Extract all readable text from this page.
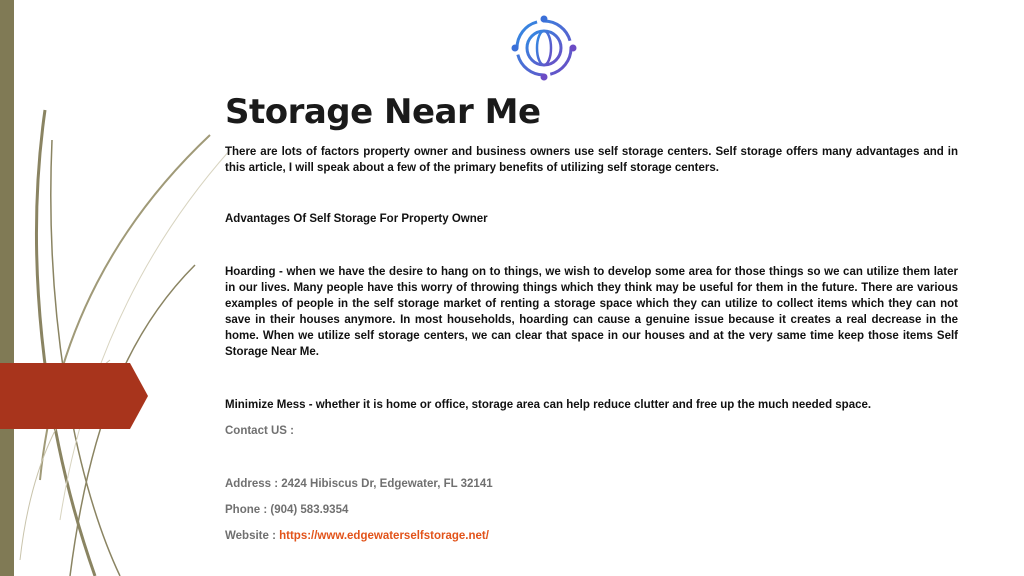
Storage Near Me

There are lots of factors property owner and business owners use self storage centers. Self storage offers many advantages and in this article, I will speak about a few of the primary benefits of utilizing self storage centers.

Advantages Of Self Storage For Property Owner

Hoarding - when we have the desire to hang on to things, we wish to develop some area for those things so we can utilize them later in our lives. Many people have this worry of throwing things which they think may be useful for them in the future. There are various examples of people in the self storage market of renting a storage space which they can utilize to collect items which they can not save in their houses anymore. In most households, hoarding can cause a genuine issue because it creates a real decrease in the home. When we utilize self storage centers, we can clear that space in our houses and at the very same time keep those items Self Storage Near Me.

Minimize Mess - whether it is home or office, storage area can help reduce clutter and free up the much needed space.

Contact US :

Address : 2424 Hibiscus Dr, Edgewater, FL 32141

Phone : (904) 583.9354

Website : https://www.edgewaterselfstorage.net/
